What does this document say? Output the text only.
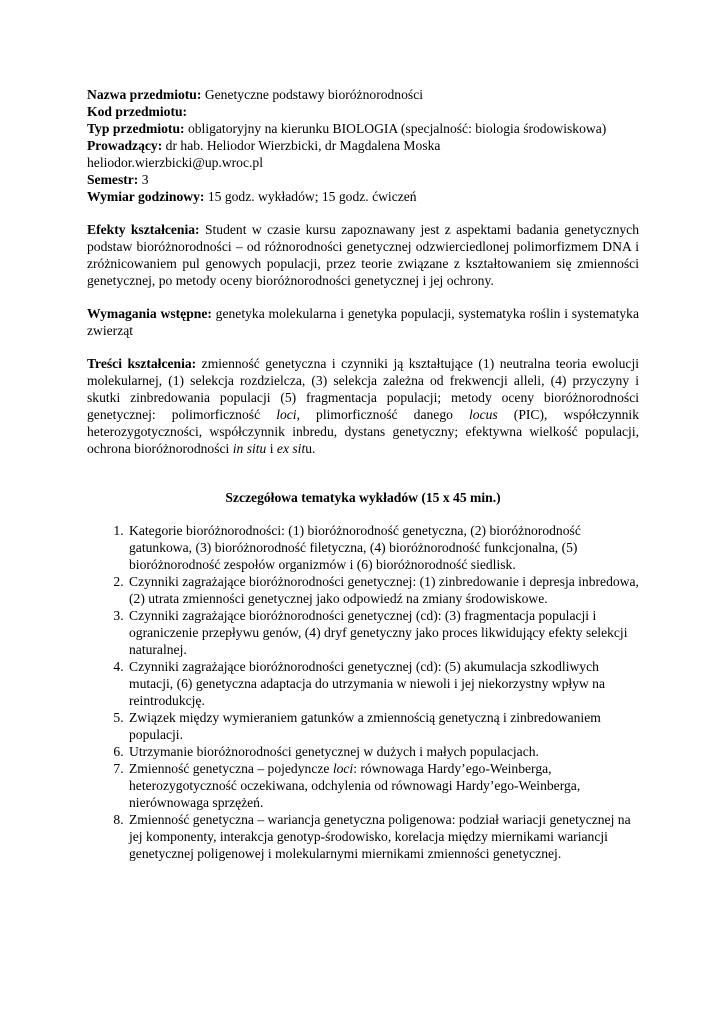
Nazwa przedmiotu: Genetyczne podstawy bioróżnorodności

Kod przedmiotu:

Typ przedmiotu: obligatoryjny na kierunku BIOLOGIA (specjalność: biologia środowiskowa)

Prowadzący: dr hab. Heliodor Wierzbicki, dr Magdalena Moska

heliodor.wierzbicki@up.wroc.pl

Semestr: 3

Wymiar godzinowy: 15 godz. wykładów; 15 godz. ćwiczeń

Efekty kształcenia: Student w czasie kursu zapoznawany jest z aspektami badania genetycznych podstaw bioróżnorodności – od różnorodności genetycznej odzwierciedlonej polimorfizmem DNA i zróżnicowaniem pul genowych populacji, przez teorie związane z kształtowaniem się zmienności genetycznej, po metody oceny bioróżnorodności genetycznej i jej ochrony.

Wymagania wstępne: genetyka molekularna i genetyka populacji, systematyka roślin i systematyka zwierząt

Treści kształcenia: zmienność genetyczna i czynniki ją kształtujące (1) neutralna teoria ewolucji molekularnej, (1) selekcja rozdzielcza, (3) selekcja zależna od frekwencji alleli, (4) przyczyny i skutki zinbredowania populacji (5) fragmentacja populacji; metody oceny bioróżnorodności genetycznej: polimorficzność loci, plimorficzność danego locus (PIC), współczynnik heterozygotyczności, współczynnik inbredu, dystans genetyczny; efektywna wielkość populacji, ochrona bioróżnorodności in situ i ex situ.

Szczegółowa tematyka wykładów (15 x 45 min.)

1. Kategorie bioróżnorodności: (1) bioróżnorodność genetyczna, (2) bioróżnorodność gatunkowa, (3) bioróżnorodność filetyczna, (4) bioróżnorodność funkcjonalna, (5) bioróżnorodność zespołów organizmów i (6) bioróżnorodność siedlisk.
2. Czynniki zagrażające bioróżnorodności genetycznej: (1) zinbredowanie i depresja inbredowa, (2) utrata zmienności genetycznej jako odpowiedź na zmiany środowiskowe.
3. Czynniki zagrażające bioróżnorodności genetycznej (cd): (3) fragmentacja populacji i ograniczenie przepływu genów, (4) dryf genetyczny jako proces likwidujący efekty selekcji naturalnej.
4. Czynniki zagrażające bioróżnorodności genetycznej (cd): (5) akumulacja szkodliwych mutacji, (6) genetyczna adaptacja do utrzymania w niewoli i jej niekorzystny wpływ na reintrodukcję.
5. Związek między wymieraniem gatunków a zmiennością genetyczną i zinbredowaniem populacji.
6. Utrzymanie bioróżnorodności genetycznej w dużych i małych populacjach.
7. Zmienność genetyczna – pojedyncze loci: równowaga Hardy’ego-Weinberga, heterozygotyczność oczekiwana, odchylenia od równowagi Hardy’ego-Weinberga, nierównowaga sprzężeń.
8. Zmienność genetyczna – wariancja genetyczna poligenowa: podział wariacji genetycznej na jej komponenty, interakcja genotyp-środowisko, korelacja między miernikami wariancji genetycznej poligenowej i molekularnymi miernikami zmienności genetycznej.
